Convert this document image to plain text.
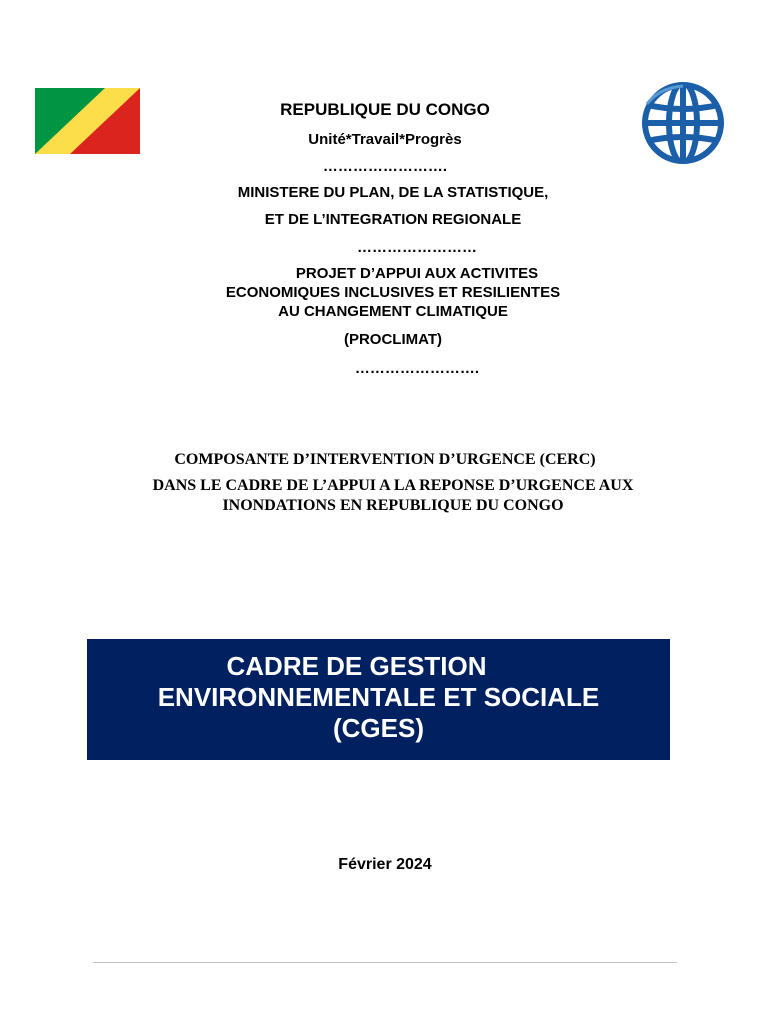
REPUBLIQUE DU CONGO
Unité*Travail*Progrès
…………………….
MINISTERE DU PLAN, DE LA STATISTIQUE,
ET DE L’INTEGRATION REGIONALE
……………………
PROJET D’APPUI AUX ACTIVITES
ECONOMIQUES INCLUSIVES ET RESILIENTES
AU CHANGEMENT CLIMATIQUE
(PROCLIMAT)
…………………….
COMPOSANTE D’INTERVENTION D’URGENCE (CERC)
DANS LE CADRE DE L’APPUI A LA REPONSE D’URGENCE AUX
INONDATIONS EN REPUBLIQUE DU CONGO
CADRE DE GESTION
ENVIRONNEMENTALE ET SOCIALE
(CGES)
Février 2024
